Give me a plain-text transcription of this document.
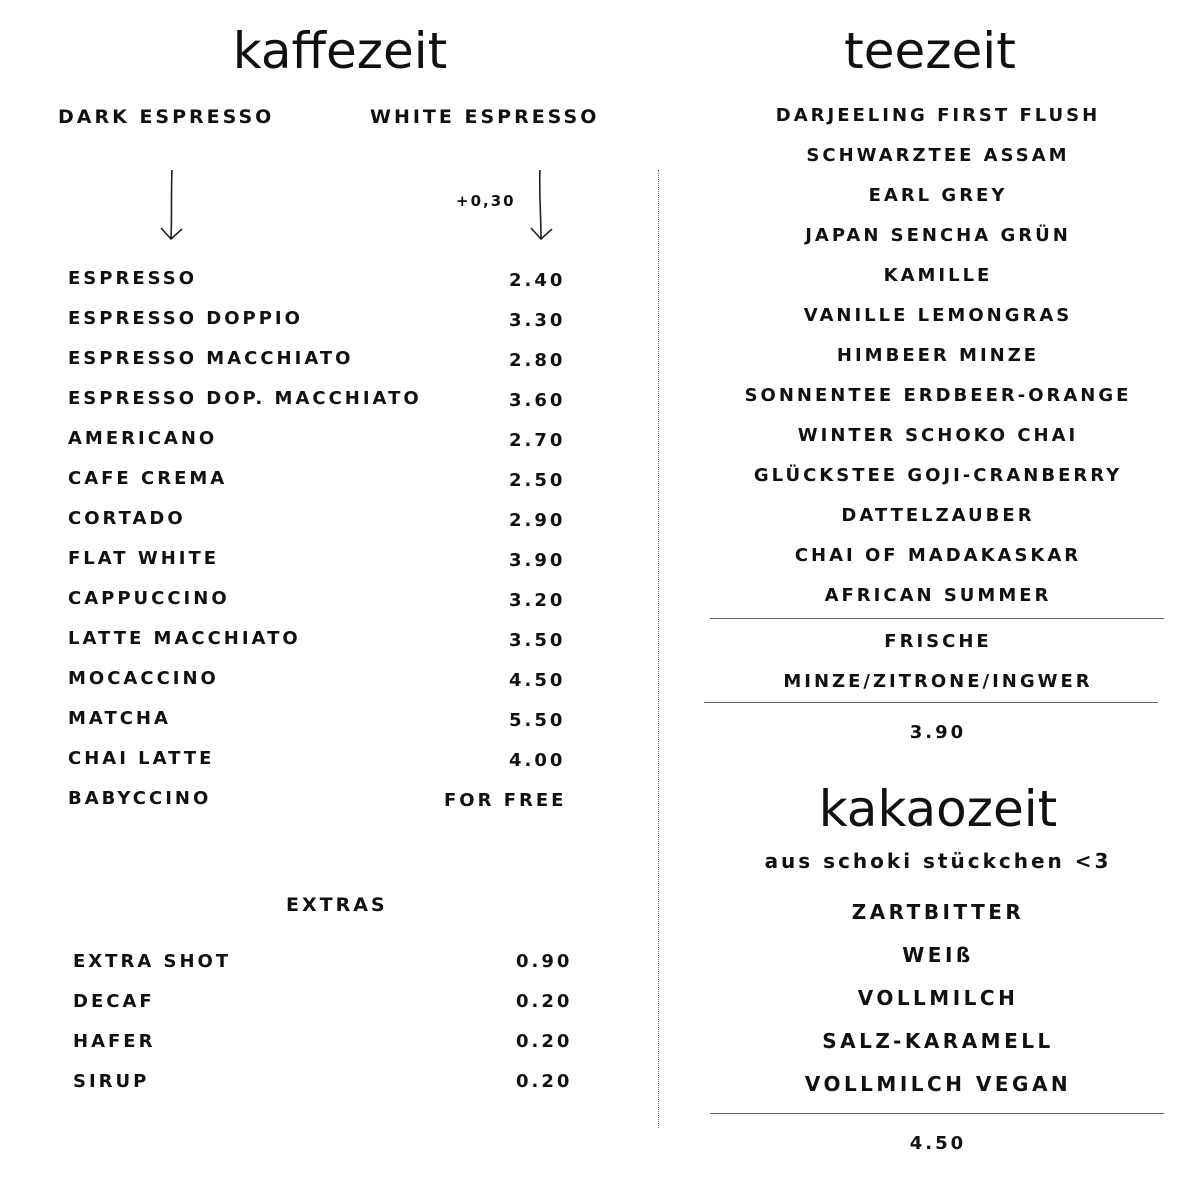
kaffezeit
DARK ESPRESSO	WHITE ESPRESSO
+0,30
ESPRESSO	2.40
ESPRESSO DOPPIO	3.30
ESPRESSO MACCHIATO	2.80
ESPRESSO DOP. MACCHIATO	3.60
AMERICANO	2.70
CAFE CREMA	2.50
CORTADO	2.90
FLAT WHITE	3.90
CAPPUCCINO	3.20
LATTE MACCHIATO	3.50
MOCACCINO	4.50
MATCHA	5.50
CHAI LATTE	4.00
BABYCCINO	FOR FREE
EXTRAS
EXTRA SHOT	0.90
DECAF	0.20
HAFER	0.20
SIRUP	0.20
teezeit
DARJEELING FIRST FLUSH
SCHWARZTEE ASSAM
EARL GREY
JAPAN SENCHA GRÜN
KAMILLE
VANILLE LEMONGRAS
HIMBEER MINZE
SONNENTEE ERDBEER-ORANGE
WINTER SCHOKO CHAI
GLÜCKSTEE GOJI-CRANBERRY
DATTELZAUBER
CHAI OF MADAKASKAR
AFRICAN SUMMER
FRISCHE
MINZE/ZITRONE/INGWER
3.90
kakaozeit
aus schoki stückchen <3
ZARTBITTER
WEIß
VOLLMILCH
SALZ-KARAMELL
VOLLMILCH VEGAN
4.50
